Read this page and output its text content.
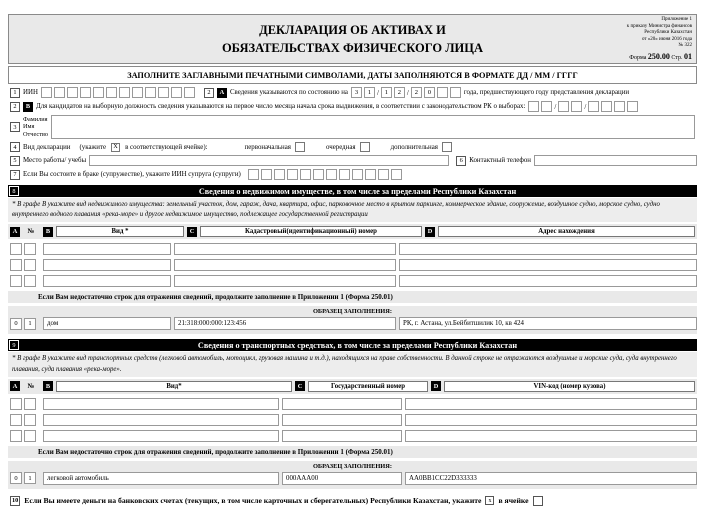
ДЕКЛАРАЦИЯ ОБ АКТИВАХ И
ОБЯЗАТЕЛЬСТВАХ ФИЗИЧЕСКОГО ЛИЦА
Приложение 1
к приказу Министра финансов
Республики Казахстан
от «20» июня 2016 года
№ 322
Форма 250.00 Стр. 01
ЗАПОЛНИТЕ ЗАГЛАВНЫМИ ПЕЧАТНЫМИ СИМВОЛАМИ, ДАТЫ ЗАПОЛНЯЮТСЯ В ФОРМАТЕ ДД / ММ / ГГГГ
1 ИИН	2	A Сведения указываются по состоянию на	3	1 / 1	2 / 2	0	года, предшествующего году представления декларации
2	B Для кандидатов на выборную должность сведения указываются на первое число месяца начала срока выдвижения, в соответствии с законодательством РК о выборах:	/	/
3
Фамилия
Имя
Отчество
4 Вид декларации (укажите	X	в соответствующей ячейке):	первоначальная	очередная	дополнительная
5 Место работы/ учебы	6 Контактный телефон
7 Если Вы состоите в браке (супружестве), укажите ИИН супруга (супруги)
8	Сведения о недвижимом имуществе, в том числе за пределами Республики Казахстан
* В графе В укажите вид недвижимого имущества: земельный участок, дом, гараж, дача, квартира, офис, парковочное место в крытом паркинге, коммерческое здание, сооружение, воздушное судно, морское судно, судно внутреннего водного плавания «река-море» и другое недвижимое имущество, подлежащее государственной регистрации
A	№	B	Вид *	C	Кадастровый(идентификационный) номер	D	Адрес нахождения
Если Вам недостаточно строк для отражения сведений, продолжите заполнение в Приложении 1 (Форма 250.01)
ОБРАЗЕЦ ЗАПОЛНЕНИЯ:
0	1	дом	21:318:000:000:123:456	РК, г. Астана, ул.Бейбитшилик 10, кв 424
9	Сведения о транспортных средствах, в том числе за пределами Республики Казахстан
* В графе В укажите вид транспортных средств (легковой автомобиль, мотоцикл, грузовая машина и т.д.), находящихся на праве собственности. В данной строке не отражаются воздушные и морские суда, суда внутреннего плавания, суда плавания «река-море».
A	№	B	Вид*	C	Государственный номер	D	VIN-код (номер кузова)
Если Вам недостаточно строк для отражения сведений, продолжите заполнение в Приложении 1 (Форма 250.01)
ОБРАЗЕЦ ЗАПОЛНЕНИЯ:
0	1	легковой автомобиль	000AAA00	AA0BB1CC22D333333
10 Если Вы имеете деньги на банковских счетах (текущих, в том числе карточных и сберегательных) Республики Казахстан, укажите	x в ячейке
